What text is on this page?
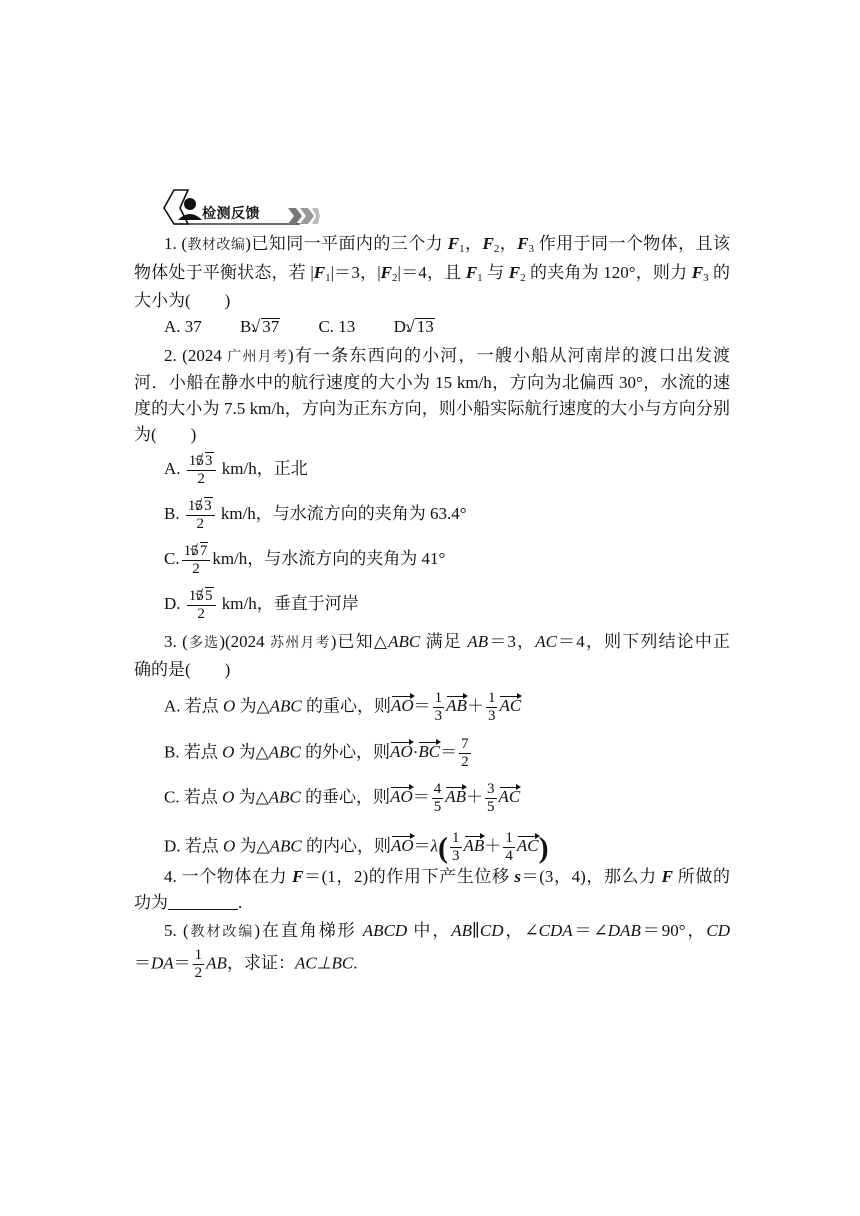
检测反馈
1. (教材改编)已知同一平面内的三个力 $F_1$，$F_2$，$F_3$ 作用于同一个物体，且该
物体处于平衡状态，若 $|F_1|=3$，$|F_2|=4$，且 $F_1$ 与 $F_2$ 的夹角为 120°，则力 $F_3$ 的
大小为(　　)
A. 37 B. √ 37 C. 13 D. √ 13
2. (2024 广州月考)有一条东西向的小河，一艘小船从河南岸的渡口出发渡
河．小船在静水中的航行速度的大小为 15 km/h，方向为北偏西 30°，水流的速
度的大小为 7.5 km/h，方向为正东方向，则小船实际航行速度的大小与方向分别
为(　　)
A. $\frac{15√ 3}{2} km/h$，正北
B. $\frac{15√ 3}{2} km/h$，与水流方向的夹角为 63.4°
C. $\frac{15√ 7}{2} km/h$，与水流方向的夹角为 41°
D. $\frac{15√ 5}{2} km/h$，垂直于河岸
3. (多选)(2024 苏州月考)已知△ABC 满足 AB＝3，AC＝4，则下列结论中正
确的是(　　)
A. 若点 O 为△ABC 的重心，则$AO= \frac{1}{3} AB+ \frac{1}{3}$ AC
B. 若点 O 为△ABC 的外心，则$AO\cdot BC= \frac{7}{2}$
C. 若点 O 为△ABC 的垂心，则$AO= \frac{4}{5} AB+ \frac{3}{5}$ AC
D. 若点 O 为△ABC 的内心，则$AO=\lambda( \frac{1}{3} AB+ \frac{1}{4} AC)$
4. 一个物体在力 F＝(1，2)的作用下产生位移 s＝(3，4)，那么力 F 所做的
功为	.
5. (教材改编)在直角梯形 ABCD 中，AB∥CD，∠CDA＝∠DAB＝90°，CD
$=DA= \frac{1}{2}$ AB，求证：AC⊥BC.
